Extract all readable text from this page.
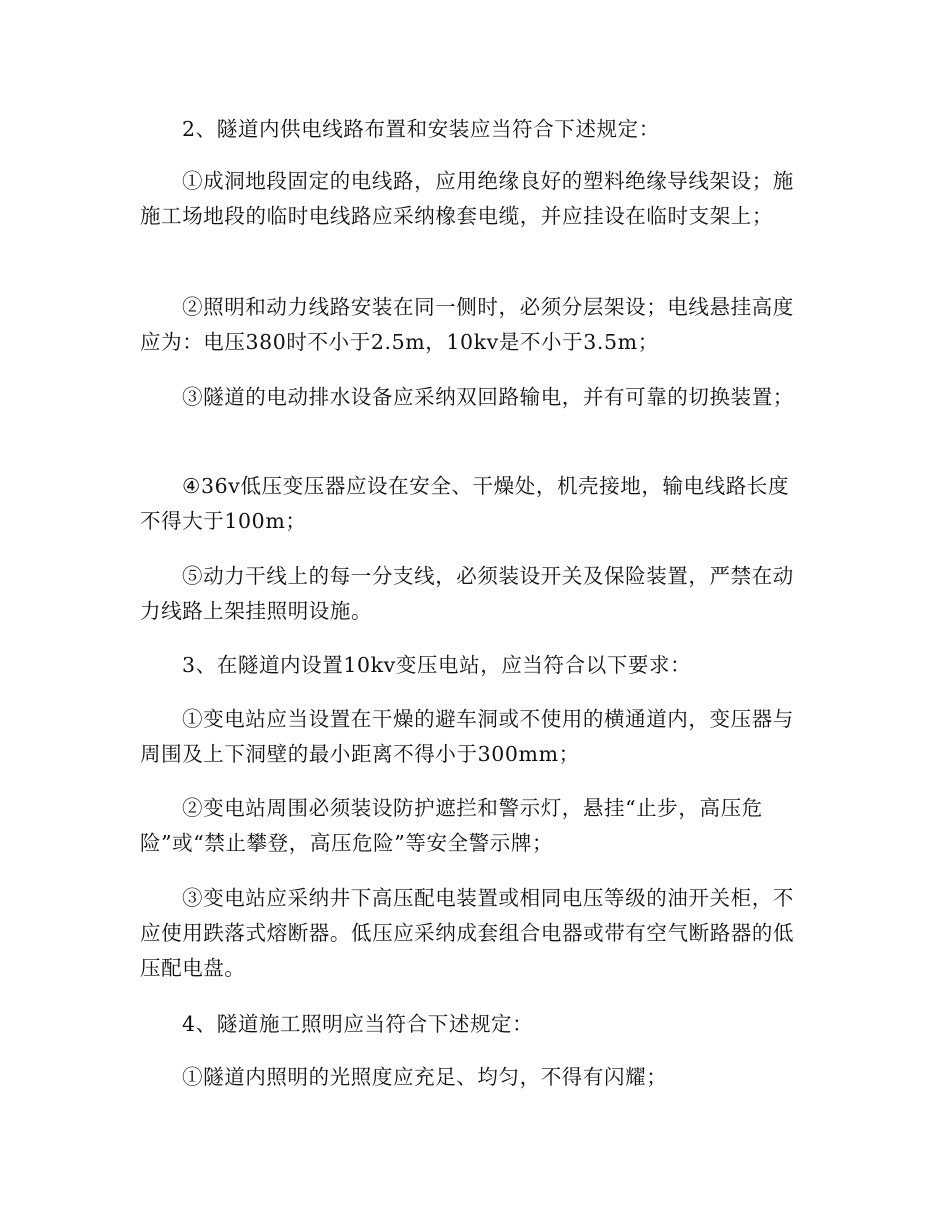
2、隧道内供电线路布置和安装应当符合下述规定：

①成洞地段固定的电线路，应用绝缘良好的塑料绝缘导线架设；施施工场地段的临时电线路应采纳橡套电缆，并应挂设在临时支架上；

②照明和动力线路安装在同一侧时，必须分层架设；电线悬挂高度应为：电压380时不小于2.5m，10kv是不小于3.5m；

③隧道的电动排水设备应采纳双回路输电，并有可靠的切换装置；

④36v低压变压器应设在安全、干燥处，机壳接地，输电线路长度不得大于100m；

⑤动力干线上的每一分支线，必须装设开关及保险装置，严禁在动力线路上架挂照明设施。

3、在隧道内设置10kv变压电站，应当符合以下要求：

①变电站应当设置在干燥的避车洞或不使用的横通道内，变压器与周围及上下洞壁的最小距离不得小于300mm；

②变电站周围必须装设防护遮拦和警示灯，悬挂“止步，高压危险”或“禁止攀登，高压危险”等安全警示牌；

③变电站应采纳井下高压配电装置或相同电压等级的油开关柜，不应使用跌落式熔断器。低压应采纳成套组合电器或带有空气断路器的低压配电盘。

4、隧道施工照明应当符合下述规定：

①隧道内照明的光照度应充足、均匀，不得有闪耀；
